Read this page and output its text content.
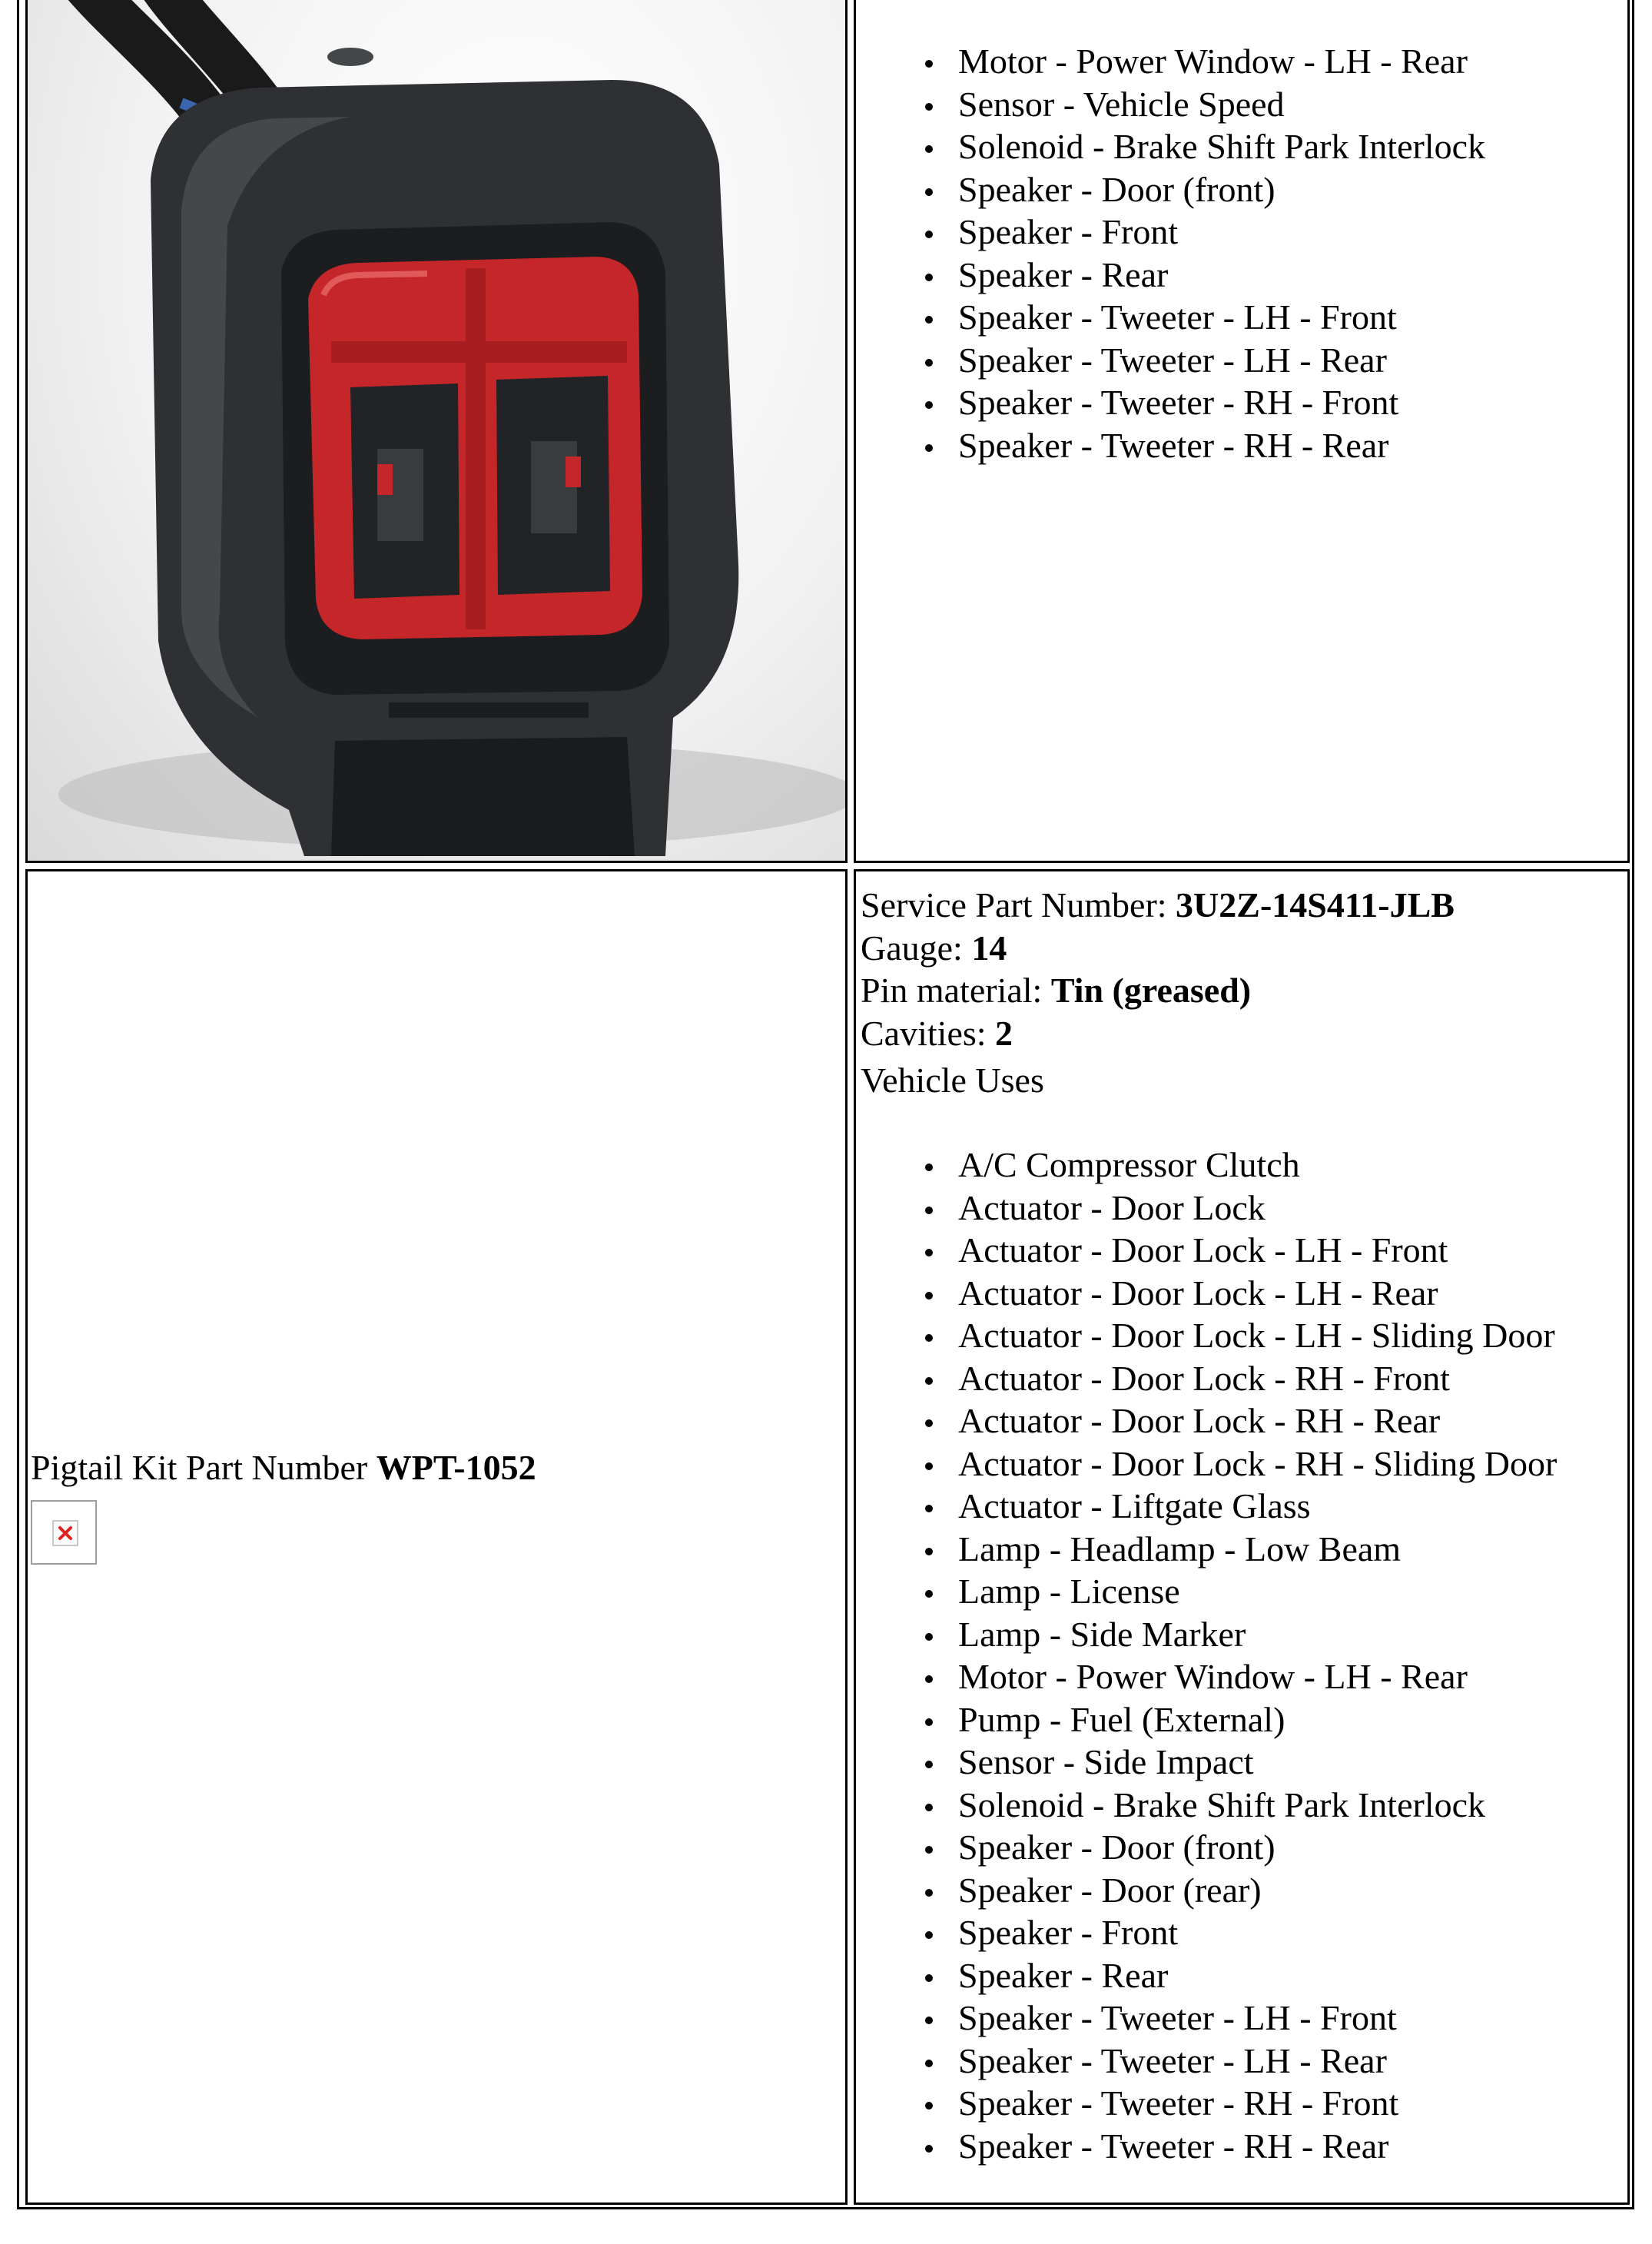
Motor - Power Window - LH - Rear
Sensor - Vehicle Speed
Solenoid - Brake Shift Park Interlock
Speaker - Door (front)
Speaker - Front
Speaker - Rear
Speaker - Tweeter - LH - Front
Speaker - Tweeter - LH - Rear
Speaker - Tweeter - RH - Front
Speaker - Tweeter - RH - Rear
Pigtail Kit Part Number WPT-1052
Service Part Number: 3U2Z-14S411-JLB
Gauge: 14
Pin material: Tin (greased)
Cavities: 2
Vehicle Uses
A/C Compressor Clutch
Actuator - Door Lock
Actuator - Door Lock - LH - Front
Actuator - Door Lock - LH - Rear
Actuator - Door Lock - LH - Sliding Door
Actuator - Door Lock - RH - Front
Actuator - Door Lock - RH - Rear
Actuator - Door Lock - RH - Sliding Door
Actuator - Liftgate Glass
Lamp - Headlamp - Low Beam
Lamp - License
Lamp - Side Marker
Motor - Power Window - LH - Rear
Pump - Fuel (External)
Sensor - Side Impact
Solenoid - Brake Shift Park Interlock
Speaker - Door (front)
Speaker - Door (rear)
Speaker - Front
Speaker - Rear
Speaker - Tweeter - LH - Front
Speaker - Tweeter - LH - Rear
Speaker - Tweeter - RH - Front
Speaker - Tweeter - RH - Rear
